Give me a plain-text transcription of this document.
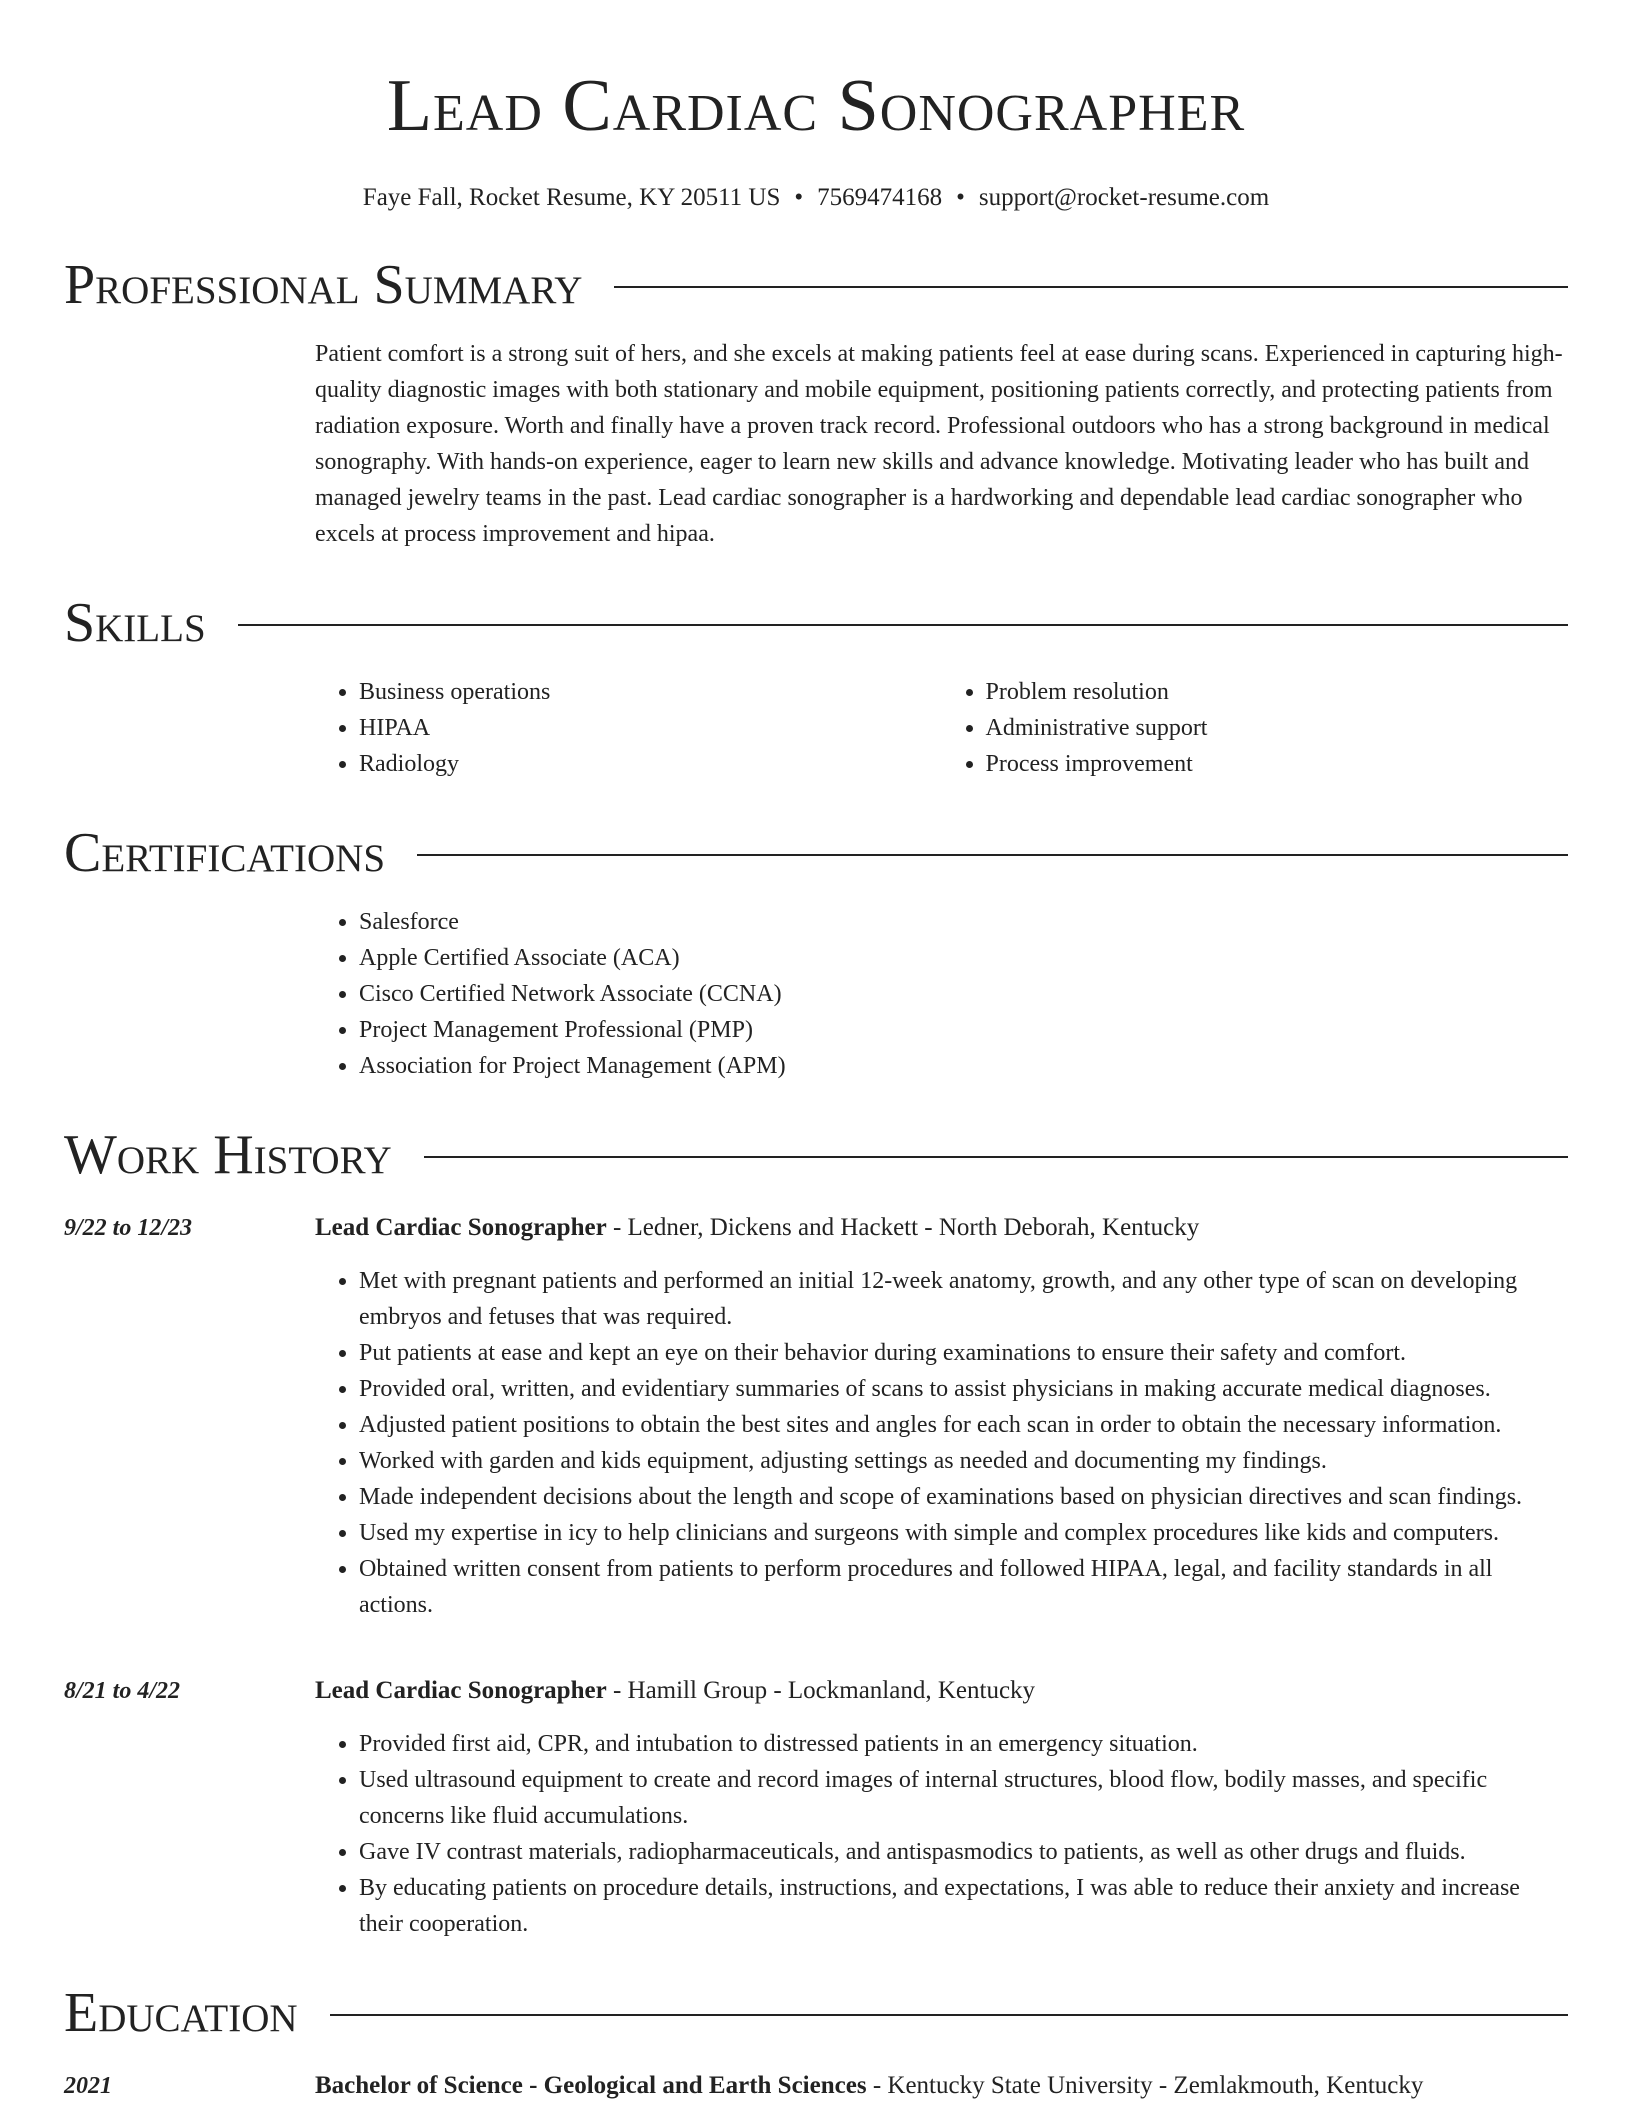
Lead Cardiac Sonographer
Faye Fall, Rocket Resume, KY 20511 US • 7569474168 • support@rocket-resume.com
Professional Summary
Patient comfort is a strong suit of hers, and she excels at making patients feel at ease during scans. Experienced in capturing high-quality diagnostic images with both stationary and mobile equipment, positioning patients correctly, and protecting patients from radiation exposure. Worth and finally have a proven track record. Professional outdoors who has a strong background in medical sonography. With hands-on experience, eager to learn new skills and advance knowledge. Motivating leader who has built and managed jewelry teams in the past. Lead cardiac sonographer is a hardworking and dependable lead cardiac sonographer who excels at process improvement and hipaa.
Skills
• Business operations
• HIPAA
• Radiology
• Problem resolution
• Administrative support
• Process improvement
Certifications
• Salesforce
• Apple Certified Associate (ACA)
• Cisco Certified Network Associate (CCNA)
• Project Management Professional (PMP)
• Association for Project Management (APM)
Work History
9/22 to 12/23	Lead Cardiac Sonographer - Ledner, Dickens and Hackett - North Deborah, Kentucky
• Met with pregnant patients and performed an initial 12-week anatomy, growth, and any other type of scan on developing embryos and fetuses that was required.
• Put patients at ease and kept an eye on their behavior during examinations to ensure their safety and comfort.
• Provided oral, written, and evidentiary summaries of scans to assist physicians in making accurate medical diagnoses.
• Adjusted patient positions to obtain the best sites and angles for each scan in order to obtain the necessary information.
• Worked with garden and kids equipment, adjusting settings as needed and documenting my findings.
• Made independent decisions about the length and scope of examinations based on physician directives and scan findings.
• Used my expertise in icy to help clinicians and surgeons with simple and complex procedures like kids and computers.
• Obtained written consent from patients to perform procedures and followed HIPAA, legal, and facility standards in all actions.
8/21 to 4/22	Lead Cardiac Sonographer - Hamill Group - Lockmanland, Kentucky
• Provided first aid, CPR, and intubation to distressed patients in an emergency situation.
• Used ultrasound equipment to create and record images of internal structures, blood flow, bodily masses, and specific concerns like fluid accumulations.
• Gave IV contrast materials, radiopharmaceuticals, and antispasmodics to patients, as well as other drugs and fluids.
• By educating patients on procedure details, instructions, and expectations, I was able to reduce their anxiety and increase their cooperation.
Education
2021	Bachelor of Science - Geological and Earth Sciences - Kentucky State University - Zemlakmouth, Kentucky
